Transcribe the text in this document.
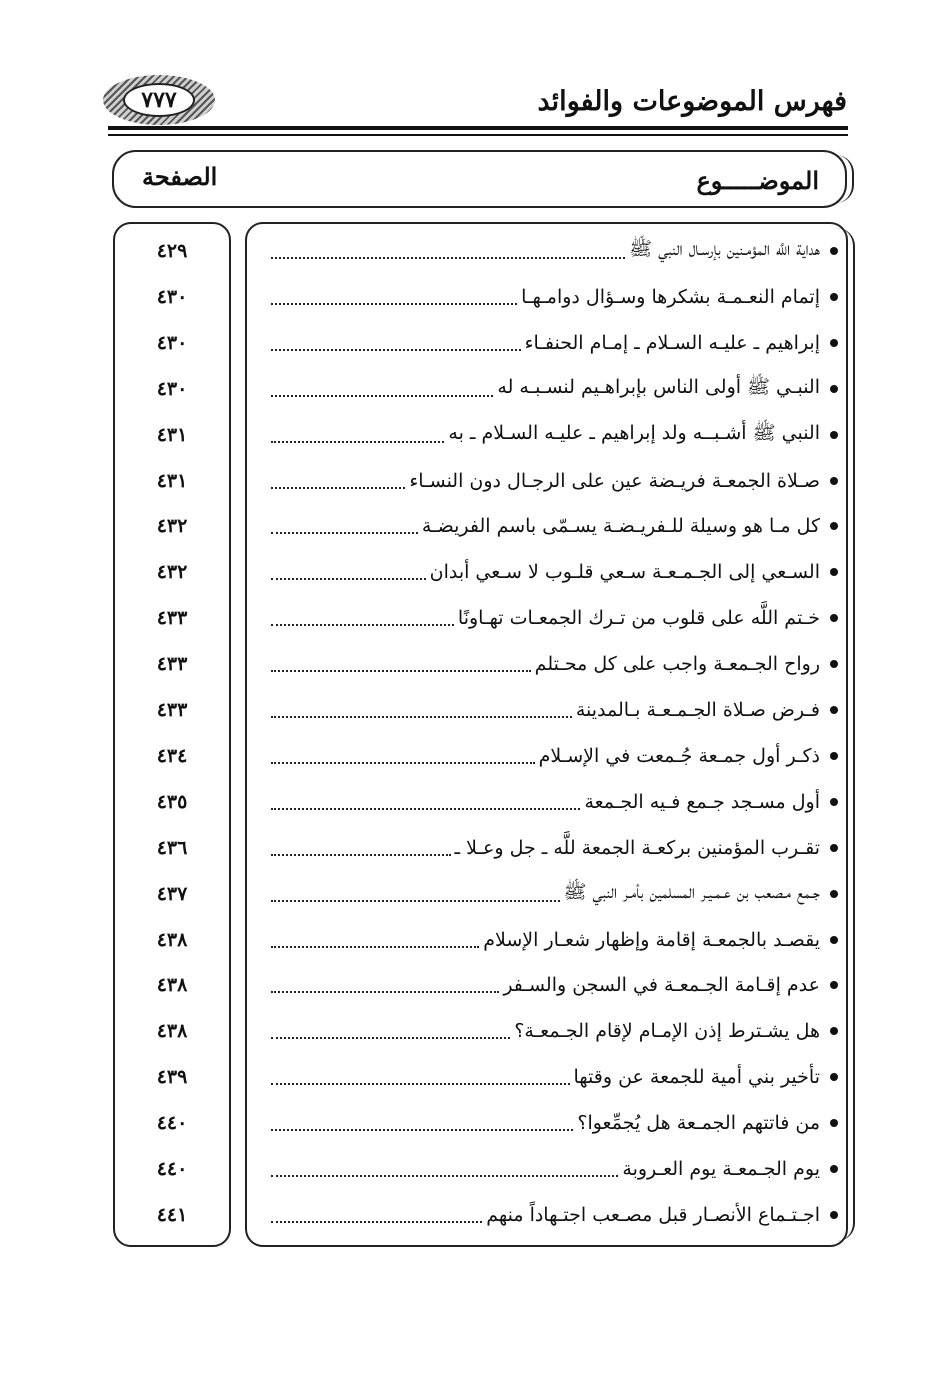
فهرس الموضوعات والفوائد
٧٧٧
الموضـــــوع
الصفحة
هداية اللَّه المؤمـنين بإرسـال النبي ﷺ
٤٢٩
إتمام النعـمـة بشكرها وسـؤال دوامـهـا
٤٣٠
إبراهيم ـ عليـه السـلام ـ إمـام الحنفـاء
٤٣٠
النبـي ﷺ أولى الناس بإبراهـيم لنسـبـه له
٤٣٠
النبي ﷺ أشـبــه ولد إبراهيم ـ عليـه السـلام ـ به
٤٣١
صـلاة الجمعـة فريـضة عين على الرجـال دون النسـاء
٤٣١
كل مـا هو وسيلة للـفريـضـة يسـمّى باسم الفريضـة
٤٣٢
السـعي إلى الجـمـعـة سـعي قلـوب لا سـعي أبدان
٤٣٢
خـتم اللَّه على قلوب من تـرك الجمعـات تهـاونًا
٤٣٣
رواح الجـمعـة واجب على كل محـتلم
٤٣٣
فـرض صـلاة الجـمـعـة بـالمدينة
٤٣٣
ذكـر أول جمـعة جُـمعت في الإسـلام
٤٣٤
أول مسـجد جـمع فـيه الجـمعة
٤٣٥
تقـرب المؤمنين بركعـة الجمعة للَّه ـ جل وعـلا ـ
٤٣٦
جـمع مـصعب بن عـمـيـر المسلمين بأمـر النبي ﷺ
٤٣٧
يقصـد بالجمعـة إقامة وإظهار شعـار الإسلام
٤٣٨
عدم إقـامة الجـمعـة في السجن والسـفر
٤٣٨
هل يشـترط إذن الإمـام لإقام الجـمعـة؟
٤٣٨
تأخير بني أمية للجمعة عن وقتها
٤٣٩
من فاتتهم الجمـعة هل يُجمِّعوا؟
٤٤٠
يوم الجـمعـة يوم العـروبة
٤٤٠
اجـتـماع الأنصـار قبل مصـعب اجتـهاداً منهم
٤٤١
